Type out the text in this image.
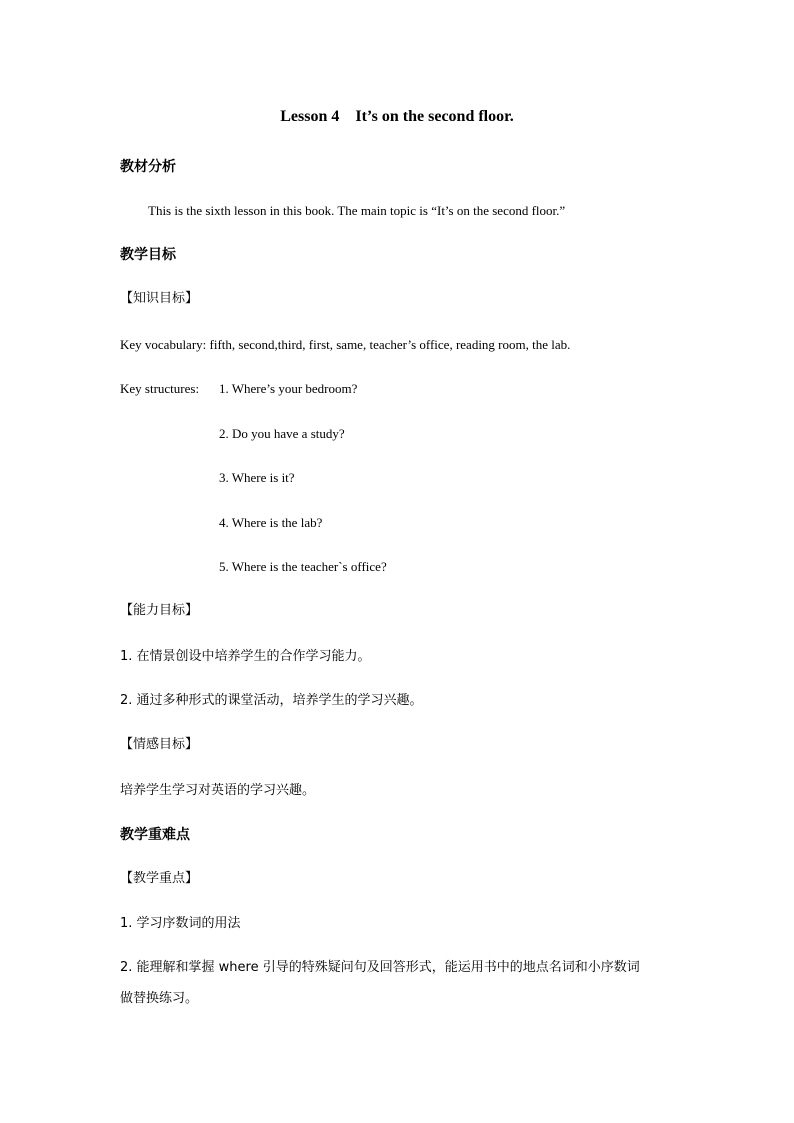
Lesson 4    It’s on the second floor.
教材分析
This is the sixth lesson in this book. The main topic is “It’s on the second floor.”
教学目标
【知识目标】
Key vocabulary: fifth, second,third, first, same, teacher’s office, reading room, the lab.
Key structures: 1. Where’s your bedroom?
2. Do you have a study?
3. Where is it?
4. Where is the lab?
5. Where is the teacher`s office?
【能力目标】
1. 在情景创设中培养学生的合作学习能力。
2. 通过多种形式的课堂活动，培养学生的学习兴趣。
【情感目标】
培养学生学习对英语的学习兴趣。
教学重难点
【教学重点】
1. 学习序数词的用法
2. 能理解和掌握 where 引导的特殊疑问句及回答形式，能运用书中的地点名词和小序数词
做替换练习。
